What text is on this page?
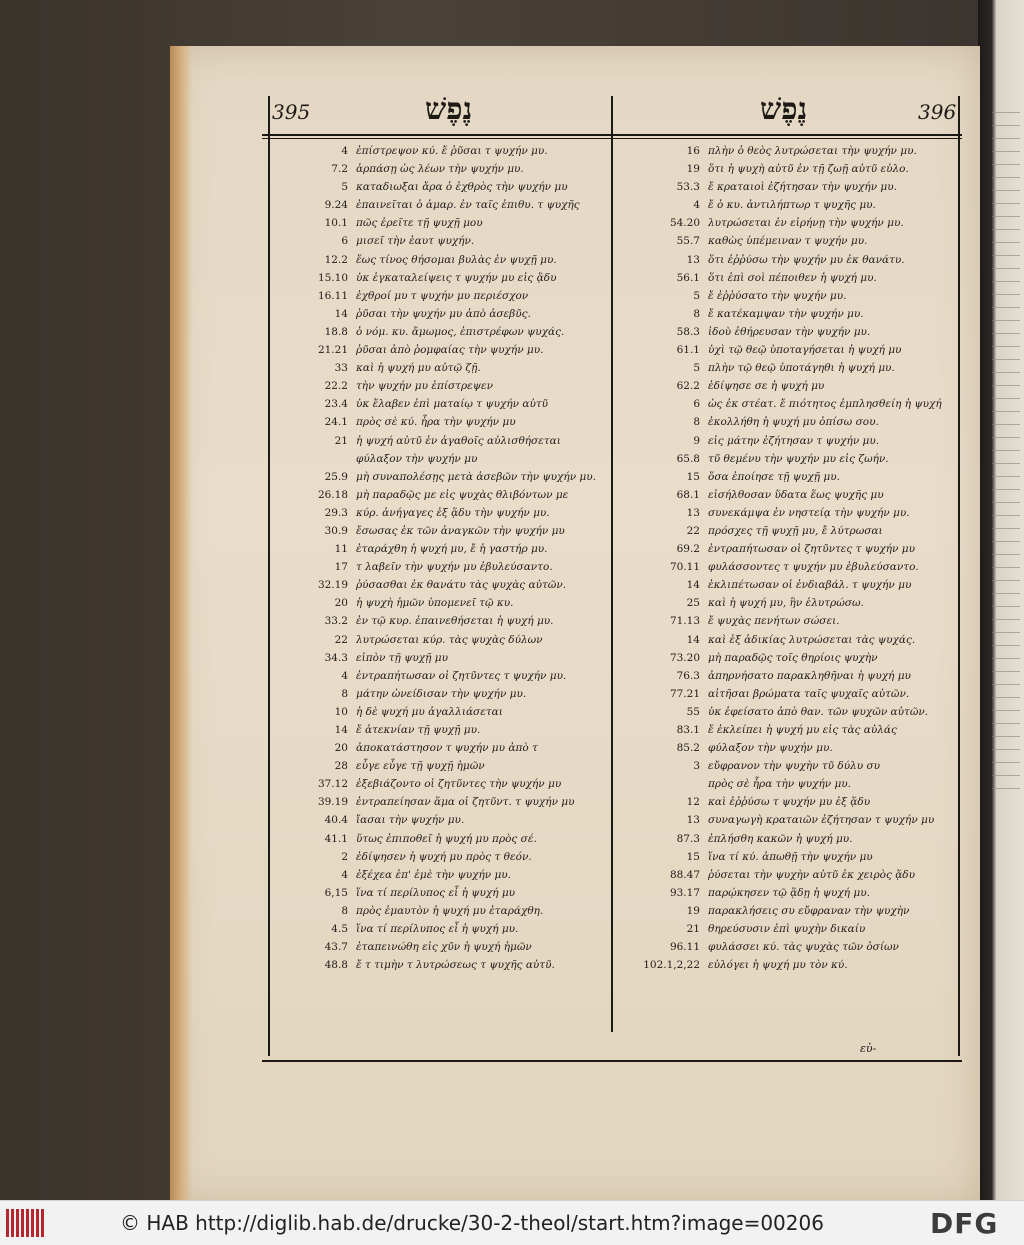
395	נֶפֶשׁ	נֶפֶשׁ	396
4 ἐπίστρεψον κύ. ἔ ῥῦσαι τ ψυχήν μυ.
7.2 ἁρπάσῃ ὡς λέων τὴν ψυχήν μυ.
5 καταδιωξαι ἄρα ὁ ἐχθρὸς τὴν ψυχήν μυ
9.24 ἐπαινεῖται ὁ ἁμαρ. ἐν ταῖς ἐπιθυ. τ ψυχῆς
10.1 πῶς ἐρεῖτε τῇ ψυχῇ μου
6 μισεῖ τὴν ἑαυτ ψυχήν.
12.2 ἕως τίνος θήσομαι βυλὰς ἐν ψυχῇ μυ.
15.10 ὐκ ἐγκαταλείψεις τ ψυχήν μυ εἰς ᾅδυ
16.11 ἐχθροί μυ τ ψυχήν μυ περιέσχον
14 ῥῦσαι τὴν ψυχήν μυ ἀπὸ ἀσεβῦς.
18.8 ὁ νόμ. κυ. ἄμωμος, ἐπιστρέφων ψυχάς.
21.21 ῥῦσαι ἀπὸ ῥομφαίας τὴν ψυχήν μυ.
33 καὶ ἡ ψυχή μυ αὐτῷ ζῇ.
22.2 τὴν ψυχήν μυ ἐπίστρεψεν
23.4 ὐκ ἔλαβεν ἐπὶ ματαίῳ τ ψυχήν αὐτῦ
24.1 πρὸς σὲ κύ. ἦρα τὴν ψυχήν μυ
21 ἡ ψυχή αὐτῦ ἐν ἀγαθοῖς αὐλισθήσεται
φύλαξον τὴν ψυχήν μυ
25.9 μὴ συναπολέσῃς μετὰ ἀσεβῶν τὴν ψυχήν μυ.
26.18 μὴ παραδῷς με εἰς ψυχὰς θλιβόντων με
29.3 κύρ. ἀνήγαγες ἐξ ᾅδυ τὴν ψυχήν μυ.
30.9 ἔσωσας ἐκ τῶν ἀναγκῶν τὴν ψυχήν μυ
11 ἐταράχθη ἡ ψυχή μυ, ἔ ἡ γαστήρ μυ.
17 τ λαβεῖν τὴν ψυχήν μυ ἐβυλεύσαντο.
32.19 ῥύσασθαι ἐκ θανάτυ τὰς ψυχὰς αὐτῶν.
20 ἡ ψυχὴ ἡμῶν ὑπομενεῖ τῷ κυ.
33.2 ἐν τῷ κυρ. ἐπαινεθήσεται ἡ ψυχή μυ.
22 λυτρώσεται κύρ. τὰς ψυχὰς δύλων
34.3 εἰπὸν τῇ ψυχῇ μυ
4 ἐντραπήτωσαν οἱ ζητῦντες τ ψυχήν μυ.
8 μάτην ὠνείδισαν τὴν ψυχήν μυ.
10 ἡ δὲ ψυχή μυ ἀγαλλιάσεται
14 ἔ ἀτεκνίαν τῇ ψυχῇ μυ.
20 ἀποκατάστησον τ ψυχήν μυ ἀπὸ τ
28 εὖγε εὖγε τῇ ψυχῇ ἡμῶν
37.12 ἐξεβιάζοντο οἱ ζητῦντες τὴν ψυχήν μυ
39.19 ἐντραπείησαν ἅμα οἱ ζητῦντ. τ ψυχήν μυ
40.4 ἴασαι τὴν ψυχήν μυ.
41.1 ὕτως ἐπιποθεῖ ἡ ψυχή μυ πρὸς σέ.
2 ἐδίψησεν ἡ ψυχή μυ πρὸς τ θεόν.
4 ἐξέχεα ἐπ' ἐμὲ τὴν ψυχήν μυ.
6,15 ἵνα τί περίλυπος εἶ ἡ ψυχή μυ
8 πρὸς ἐμαυτὸν ἡ ψυχή μυ ἐταράχθη.
4.5 ἵνα τί περίλυπος εἶ ἡ ψυχή μυ.
43.7 ἐταπεινώθη εἰς χῦν ἡ ψυχή ἡμῶν
48.8 ἔ τ τιμὴν τ λυτρώσεως τ ψυχῆς αὐτῦ.
16 πλὴν ὁ θεὸς λυτρώσεται τὴν ψυχήν μυ.
19 ὅτι ἡ ψυχὴ αὐτῦ ἐν τῇ ζωῇ αὐτῦ εὐλο.
53.3 ἔ κραταιοὶ ἐζήτησαν τὴν ψυχήν μυ.
4 ἔ ὁ κυ. ἀντιλήπτωρ τ ψυχῆς μυ.
54.20 λυτρώσεται ἐν εἰρήνῃ τὴν ψυχήν μυ.
55.7 καθὼς ὑπέμειναν τ ψυχήν μυ.
13 ὅτι ἐῤῥύσω τὴν ψυχήν μυ ἐκ θανάτυ.
56.1 ὅτι ἐπὶ σοὶ πέποιθεν ἡ ψυχή μυ.
5 ἔ ἐῤῥύσατο τὴν ψυχήν μυ.
8 ἔ κατέκαμψαν τὴν ψυχήν μυ.
58.3 ἰδοὺ ἐθήρευσαν τὴν ψυχήν μυ.
61.1 ὐχὶ τῷ θεῷ ὑποταγήσεται ἡ ψυχή μυ
5 πλὴν τῷ θεῷ ὑποτάγηθι ἡ ψυχή μυ.
62.2 ἐδίψησε σε ἡ ψυχή μυ
6 ὡς ἐκ στέατ. ἔ πιότητος ἐμπλησθείη ἡ ψυχή
8 ἐκολλήθη ἡ ψυχή μυ ὀπίσω σου.
9 εἰς μάτην ἐζήτησαν τ ψυχήν μυ.
65.8 τῦ θεμένυ τὴν ψυχήν μυ εἰς ζωήν.
15 ὅσα ἐποίησε τῇ ψυχῇ μυ.
68.1 εἰσήλθοσαν ὕδατα ἕως ψυχῆς μυ
13 συνεκάμψα ἐν νηστείᾳ τὴν ψυχήν μυ.
22 πρόσχες τῇ ψυχῇ μυ, ἔ λύτρωσαι
69.2 ἐντραπήτωσαν οἱ ζητῦντες τ ψυχήν μυ
70.11 φυλάσσοντες τ ψυχήν μυ ἐβυλεύσαντο.
14 ἐκλιπέτωσαν οἱ ἐνδιαβάλ. τ ψυχήν μυ
25 καὶ ἡ ψυχή μυ, ἣν ἐλυτρώσω.
71.13 ἔ ψυχὰς πενήτων σώσει.
14 καὶ ἐξ ἀδικίας λυτρώσεται τὰς ψυχάς.
73.20 μὴ παραδῷς τοῖς θηρίοις ψυχὴν
76.3 ἀπηρνήσατο παρακληθῆναι ἡ ψυχή μυ
77.21 αἰτῆσαι βρώματα ταῖς ψυχαῖς αὐτῶν.
55 ὐκ ἐφείσατο ἀπὸ θαν. τῶν ψυχῶν αὐτῶν.
83.1 ἔ ἐκλείπει ἡ ψυχή μυ εἰς τὰς αὐλάς
85.2 φύλαξον τὴν ψυχήν μυ.
3 εὔφρανον τὴν ψυχὴν τῦ δύλυ συ
πρὸς σὲ ἦρα τὴν ψυχήν μυ.
12 καὶ ἐῤῥύσω τ ψυχήν μυ ἐξ ᾅδυ
13 συναγωγὴ κραταιῶν ἐζήτησαν τ ψυχήν μυ
87.3 ἐπλήσθη κακῶν ἡ ψυχή μυ.
15 ἵνα τί κύ. ἀπωθῇ τὴν ψυχήν μυ
88.47 ῥύσεται τὴν ψυχὴν αὐτῦ ἐκ χειρὸς ᾅδυ
93.17 παρῴκησεν τῷ ᾅδῃ ἡ ψυχή μυ.
19 παρακλήσεις συ εὔφραναν τὴν ψυχὴν
21 θηρεύσυσιν ἐπὶ ψυχὴν δικαίυ
96.11 φυλάσσει κύ. τὰς ψυχὰς τῶν ὁσίων
102.1,2,22 εὐλόγει ἡ ψυχή μυ τὸν κύ.
εὐ-
© HAB http://diglib.hab.de/drucke/30-2-theol/start.htm?image=00206	DFG
